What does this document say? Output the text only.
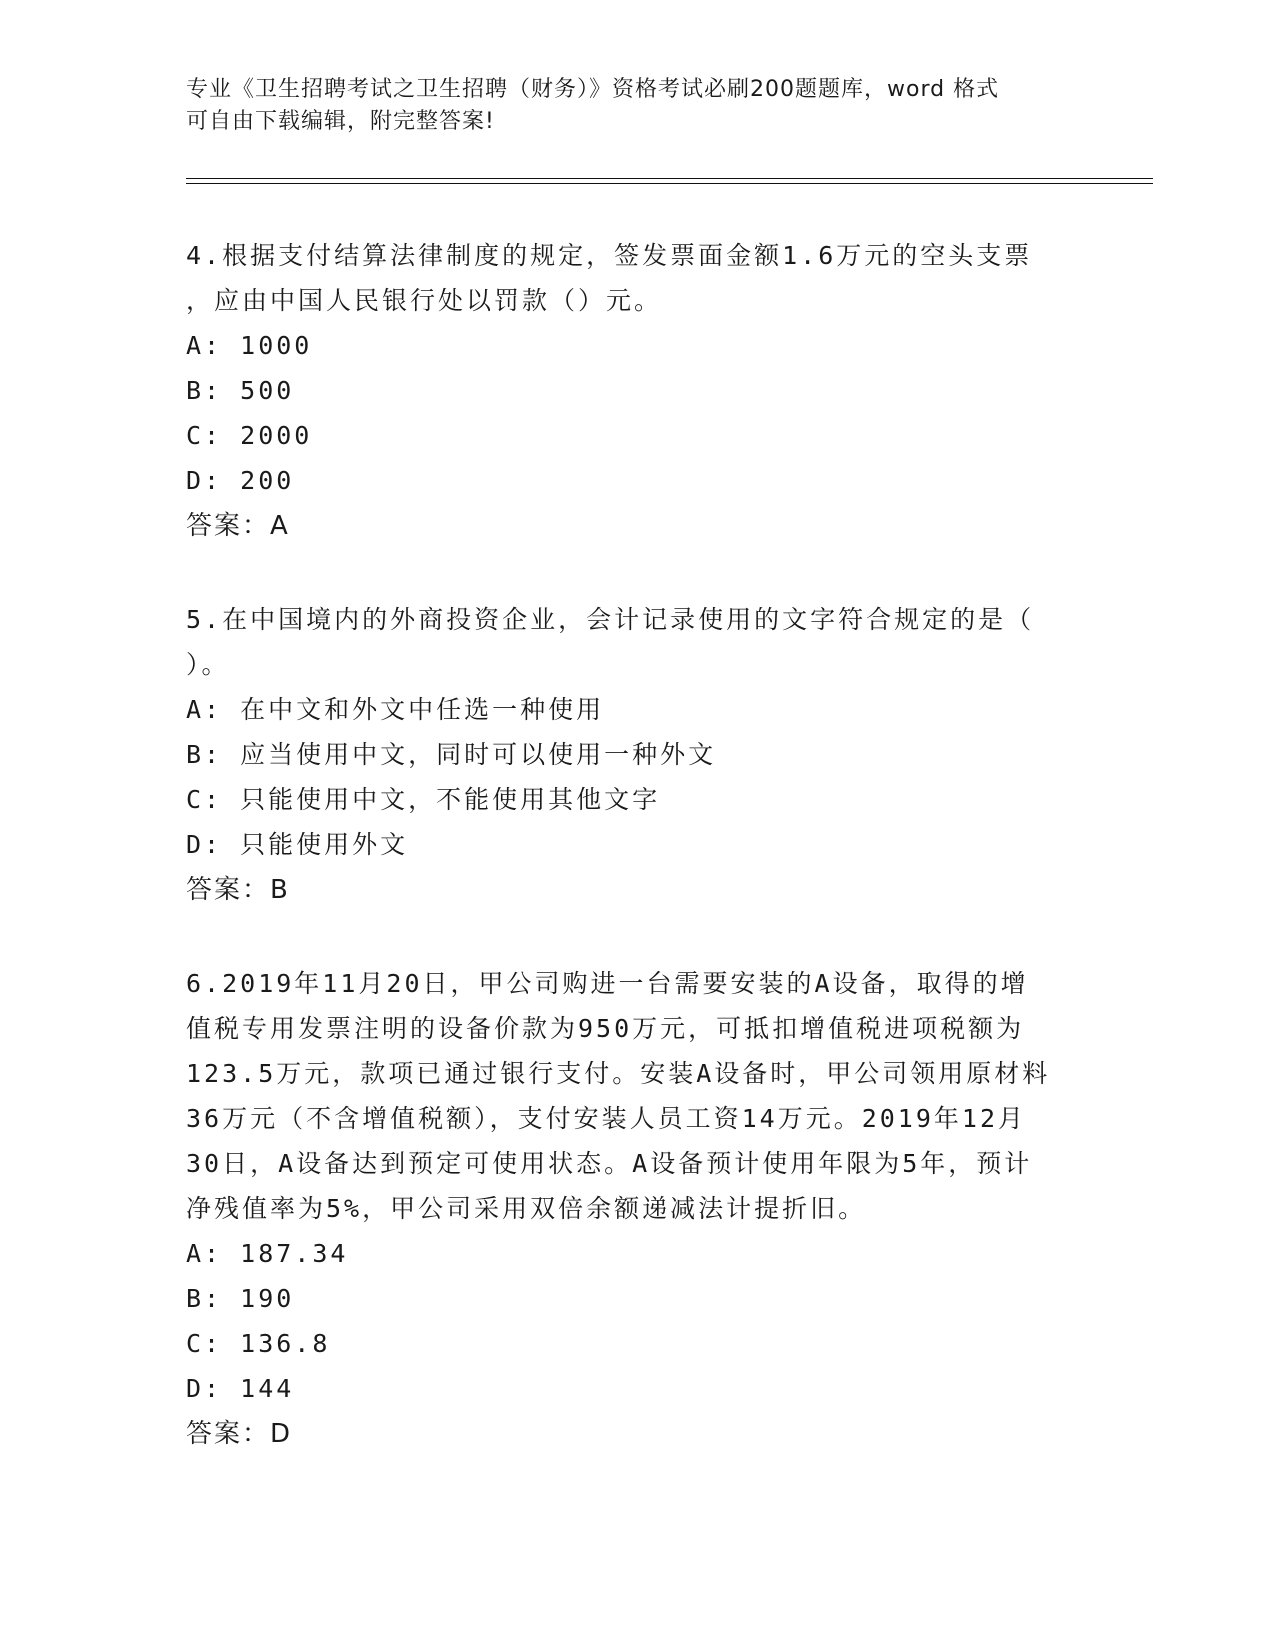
专业《卫生招聘考试之卫生招聘（财务）》资格考试必刷200题题库，word 格式
可自由下载编辑，附完整答案!

4.根据支付结算法律制度的规定，签发票面金额1.6万元的空头支票

，应由中国人民银行处以罚款（）元。

A: 1000

B: 500

C: 2000

D: 200

答案：A

5.在中国境内的外商投资企业，会计记录使用的文字符合规定的是（

）。

A: 在中文和外文中任选一种使用

B: 应当使用中文，同时可以使用一种外文

C: 只能使用中文，不能使用其他文字

D: 只能使用外文

答案：B

6.2019年11月20日，甲公司购进一台需要安装的A设备，取得的增

值税专用发票注明的设备价款为950万元，可抵扣增值税进项税额为

123.5万元，款项已通过银行支付。安装A设备时，甲公司领用原材料

36万元（不含增值税额），支付安装人员工资14万元。2019年12月

30日，A设备达到预定可使用状态。A设备预计使用年限为5年，预计

净残值率为5%，甲公司采用双倍余额递减法计提折旧。

A: 187.34

B: 190

C: 136.8

D: 144

答案：D
